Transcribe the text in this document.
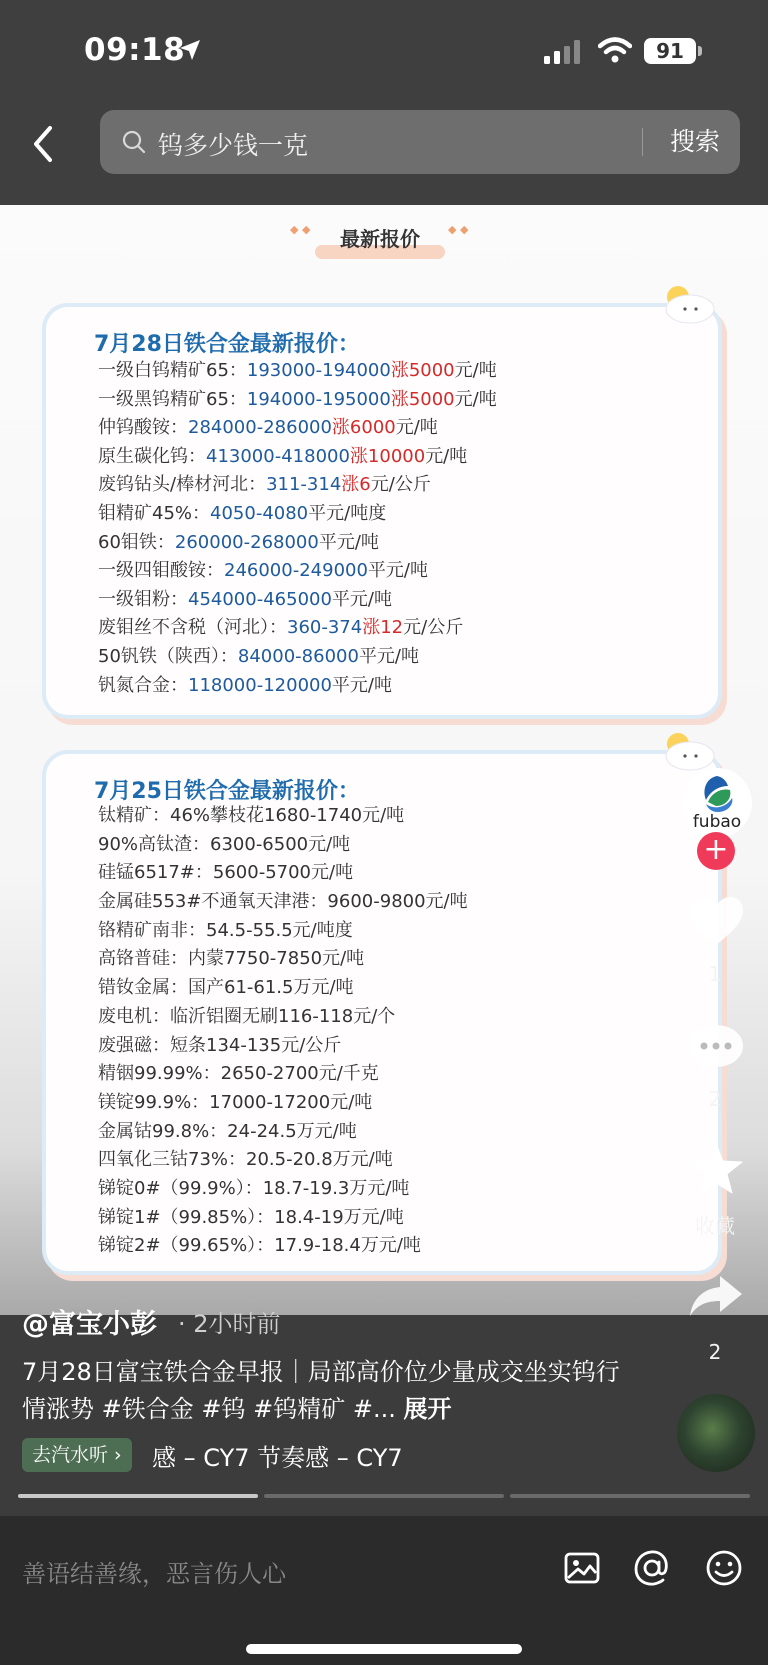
09:18	91
钨多少钱一克	搜索
◆ ◆	最新报价	◆ ◆
7月28日铁合金最新报价：
一级白钨精矿65：193000-194000涨5000元/吨
一级黑钨精矿65：194000-195000涨5000元/吨
仲钨酸铵：284000-286000涨6000元/吨
原生碳化钨：413000-418000涨10000元/吨
废钨钻头/棒材河北：311-314涨6元/公斤
钼精矿45%：4050-4080平元/吨度
60钼铁：260000-268000平元/吨
一级四钼酸铵：246000-249000平元/吨
一级钼粉：454000-465000平元/吨
废钼丝不含税（河北）：360-374涨12元/公斤
50钒铁（陕西）：84000-86000平元/吨
钒氮合金：118000-120000平元/吨
7月25日铁合金最新报价：
钛精矿：46%攀枝花1680-1740元/吨
90%高钛渣：6300-6500元/吨
硅锰6517#：5600-5700元/吨
金属硅553#不通氧天津港：9600-9800元/吨
铬精矿南非：54.5-55.5元/吨度
高铬普硅：内蒙7750-7850元/吨
错钕金属：国产61-61.5万元/吨
废电机：临沂铝圈无刷116-118元/个
废强磁：短条134-135元/公斤
精铟99.99%：2650-2700元/千克
镁锭99.9%：17000-17200元/吨
金属钴99.8%：24-24.5万元/吨
四氧化三钴73%：20.5-20.8万元/吨
锑锭0#（99.9%）：18.7-19.3万元/吨
锑锭1#（99.85%）：18.4-19万元/吨
锑锭2#（99.65%）：17.9-18.4万元/吨
fubao
+
1
2
收藏
2
@富宝小彭 · 2小时前
7月28日富宝铁合金早报｜局部高价位少量成交坐实钨行情涨势 #铁合金 #钨 #钨精矿 #... 展开
去汽水听 ›	感 – CY7 节奏感 – CY7
善语结善缘，恶言伤人心
